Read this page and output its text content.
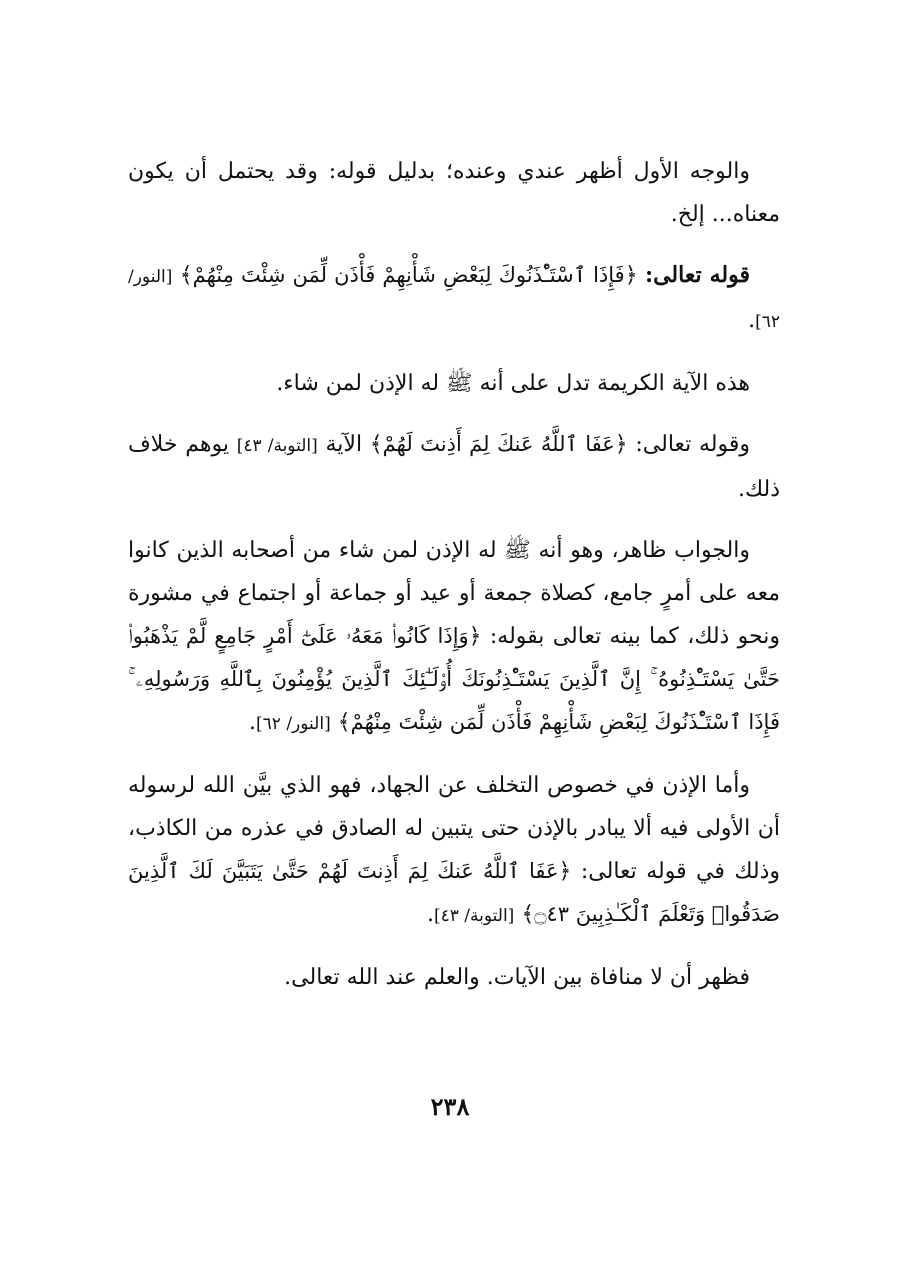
والوجه الأول أظهر عندي وعنده؛ بدليل قوله: وقد يحتمل أن يكون معناه... إلخ.

قوله تعالى: ﴿فَإِذَا ٱسْتَـْٔذَنُوكَ لِبَعْضِ شَأْنِهِمْ فَأْذَن لِّمَن شِئْتَ مِنْهُمْ﴾ [النور/ ٦٢].

هذه الآية الكريمة تدل على أنه ﷺ له الإذن لمن شاء.

وقوله تعالى: ﴿عَفَا ٱللَّهُ عَنكَ لِمَ أَذِنتَ لَهُمْ﴾ الآية [التوبة/ ٤٣] يوهم خلاف ذلك.

والجواب ظاهر، وهو أنه ﷺ له الإذن لمن شاء من أصحابه الذين كانوا معه على أمرٍ جامع، كصلاة جمعة أو عيد أو جماعة أو اجتماع في مشورة ونحو ذلك، كما بينه تعالى بقوله: ﴿وَإِذَا كَانُوا۟ مَعَهُۥ عَلَىٰٓ أَمْرٍ جَامِعٍ لَّمْ يَذْهَبُوا۟ حَتَّىٰ يَسْتَـْٔذِنُوهُ ۚ إِنَّ ٱلَّذِينَ يَسْتَـْٔذِنُونَكَ أُو۟لَـٰٓئِكَ ٱلَّذِينَ يُؤْمِنُونَ بِٱللَّهِ وَرَسُولِهِۦ ۚ فَإِذَا ٱسْتَـْٔذَنُوكَ لِبَعْضِ شَأْنِهِمْ فَأْذَن لِّمَن شِئْتَ مِنْهُمْ﴾ [النور/ ٦٢].

وأما الإذن في خصوص التخلف عن الجهاد، فهو الذي بيَّن الله لرسوله أن الأولى فيه ألا يبادر بالإذن حتى يتبين له الصادق في عذره من الكاذب، وذلك في قوله تعالى: ﴿عَفَا ٱللَّهُ عَنكَ لِمَ أَذِنتَ لَهُمْ حَتَّىٰ يَتَبَيَّنَ لَكَ ٱلَّذِينَ صَدَقُوا۟ وَتَعْلَمَ ٱلْكَـٰذِبِينَ ۝٤٣﴾ [التوبة/ ٤٣].

فظهر أن لا منافاة بين الآيات. والعلم عند الله تعالى.

٢٣٨
